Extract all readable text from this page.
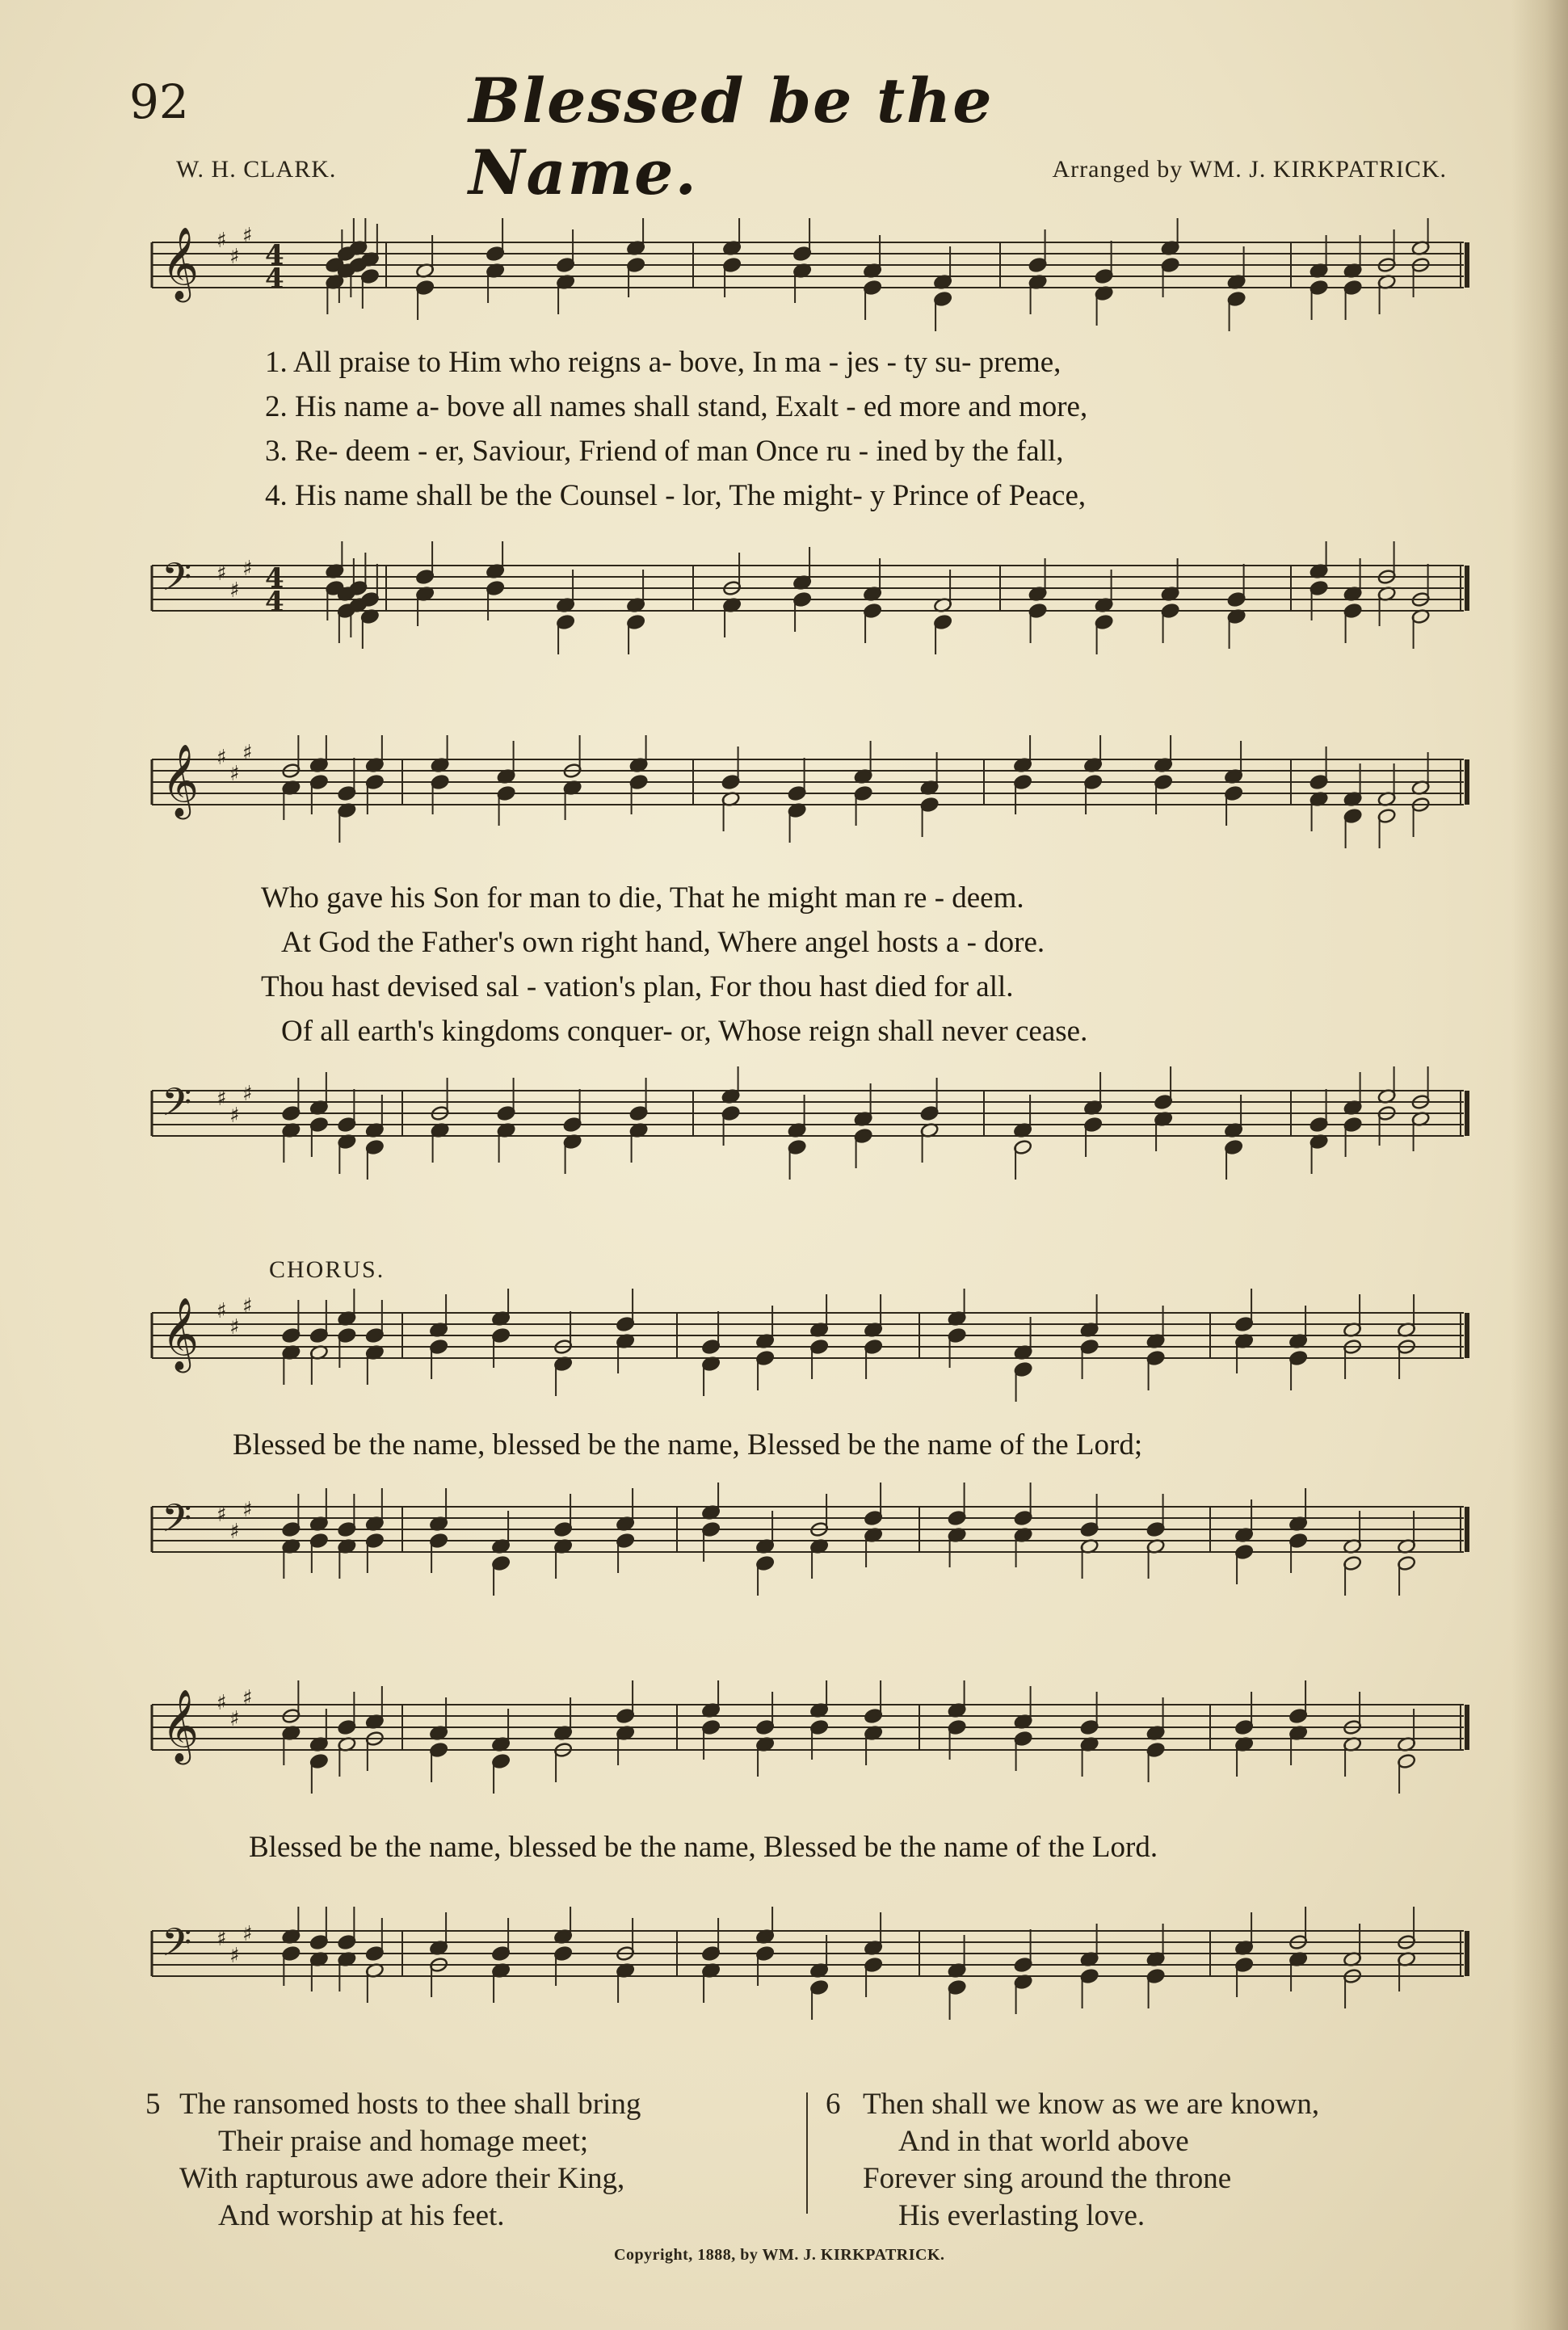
92	Blessed be the Name.
W. H. CLARK.	Arranged by WM. J. KIRKPATRICK.
𝄞 ♯
♯
♯
4
4
1. All praise to Him who reigns a- bove, In ma - jes - ty su- preme,
2. His name a- bove all names shall stand, Exalt - ed more and more,
3. Re- deem - er, Saviour, Friend of man Once ru - ined by the fall,
4. His name shall be the Counsel - lor, The might- y Prince of Peace,
𝄢 ♯
♯
♯ 4
4
𝄞 ♯
♯
♯
Who gave his Son for man to die, That he might man re - deem.
At God the Father's own right hand, Where angel hosts a - dore.
Thou hast devised sal - vation's plan, For thou hast died for all.
Of all earth's kingdoms conquer- or, Whose reign shall never cease.
𝄢 ♯
♯
♯
CHORUS.
𝄞 ♯
♯
♯
Blessed be the name, blessed be the name, Blessed be the name of the Lord;
𝄢 ♯
♯
♯
𝄞 ♯
♯
♯
Blessed be the name, blessed be the name, Blessed be the name of the Lord.
𝄢 ♯
♯
♯
5 The ransomed hosts to thee shall bring
Their praise and homage meet;
With rapturous awe adore their King,
And worship at his feet.
6 Then shall we know as we are known,
And in that world above
Forever sing around the throne
His everlasting love.
Copyright, 1888, by WM. J. KIRKPATRICK.
